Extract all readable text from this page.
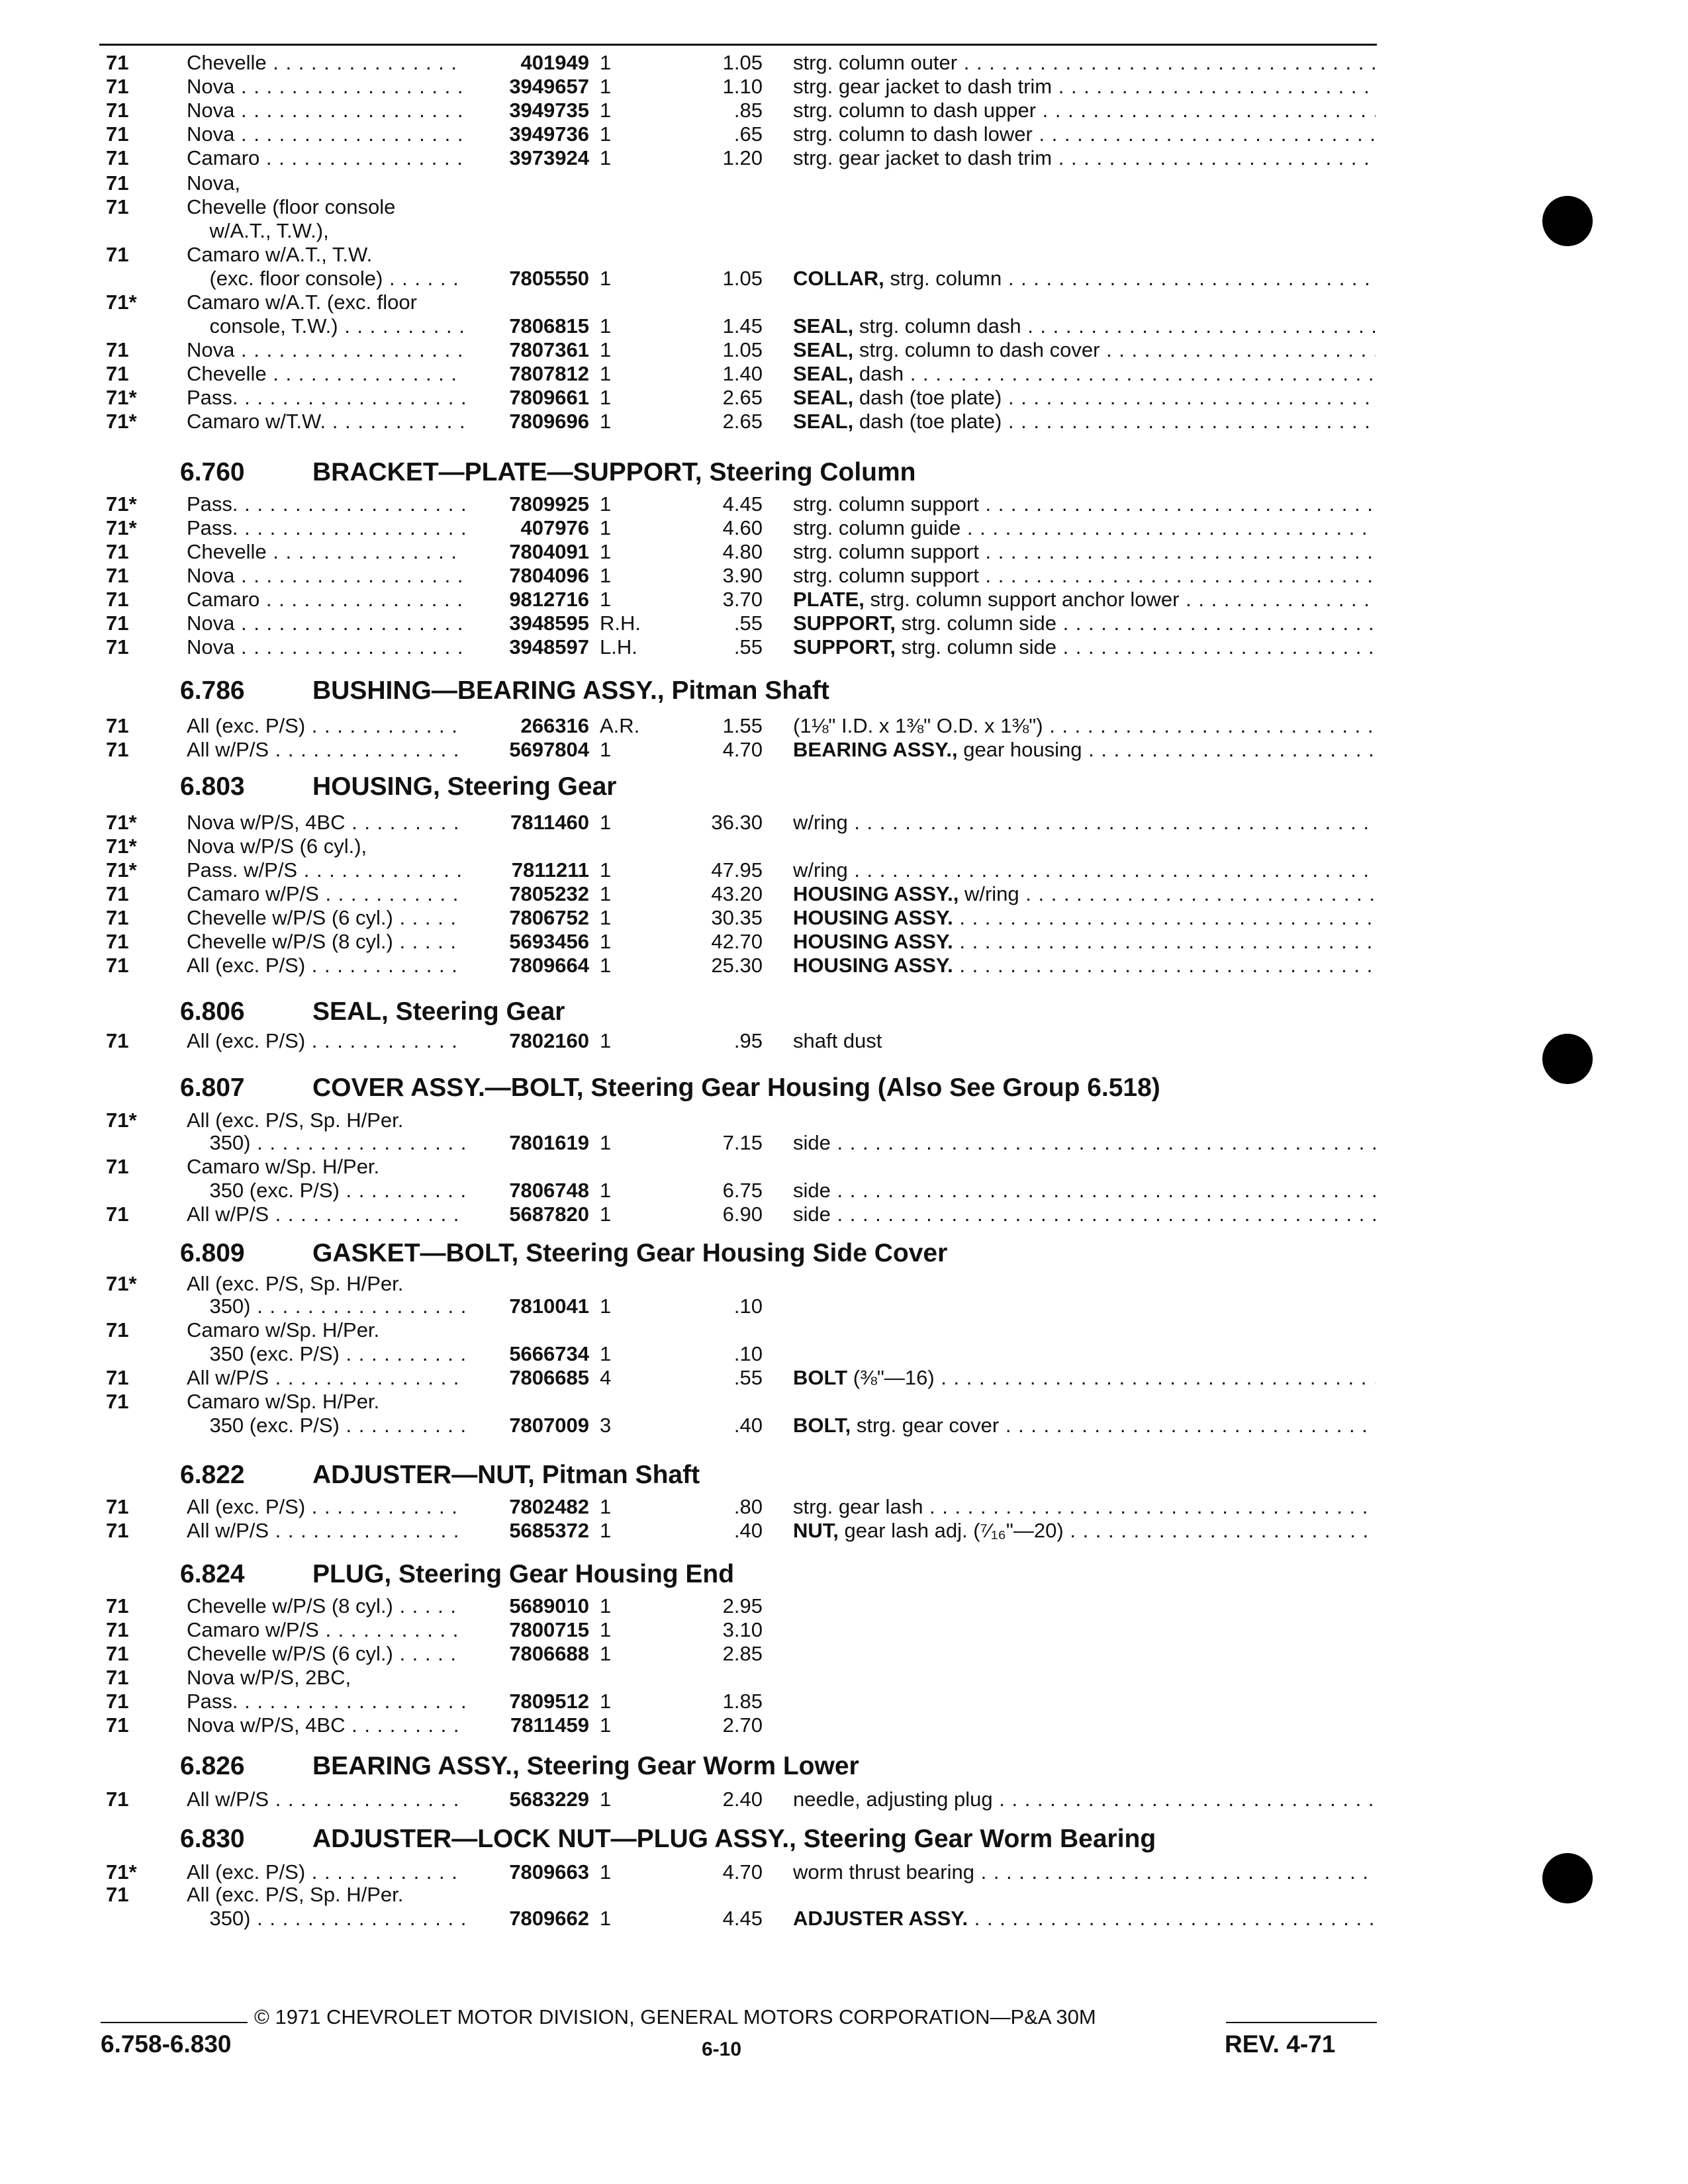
71	Chevelle . . .	401949 1	1.05 strg. column outer . . .
71	Nova . . .	3949657 1	1.10 strg. gear jacket to dash trim . . .
71	Nova . . .	3949735 1	.85 strg. column to dash upper . . .
71	Nova . . .	3949736 1	.65 strg. column to dash lower . . .
71	Camaro . . .	3973924 1	1.20 strg. gear jacket to dash trim . . .
71	Nova,
71	Chevelle (floor console
w/A.T., T.W.),
71	Camaro w/A.T., T.W.
(exc. floor console) . . .	7805550 1	1.05 COLLAR, strg. column . . .
71* Camaro w/A.T. (exc. floor
console, T.W.) . . .	7806815 1	1.45 SEAL, strg. column dash . . .
71	Nova . . .	7807361 1	1.05 SEAL, strg. column to dash cover . . .
71	Chevelle . . .	7807812 1	1.40 SEAL, dash . . .
71* Pass. . . .	7809661 1	2.65 SEAL, dash (toe plate) . . .
71* Camaro w/T.W. . . .	7809696 1	2.65 SEAL, dash (toe plate) . . .
6.760	BRACKET—PLATE—SUPPORT, Steering Column
71* Pass. . . .	7809925 1	4.45 strg. column support . . .
71* Pass. . . .	407976 1	4.60 strg. column guide . . .
71	Chevelle . . .	7804091 1	4.80 strg. column support . . .
71	Nova . . .	7804096 1	3.90 strg. column support . . .
71	Camaro . . .	9812716 1	3.70 PLATE, strg. column support anchor lower . . .
71	Nova . . .	3948595 R.H.	.55 SUPPORT, strg. column side . . .
71	Nova . . .	3948597 L.H.	.55 SUPPORT, strg. column side . . .
6.786	BUSHING—BEARING ASSY., Pitman Shaft
71	All (exc. P/S) . . .	266316 A.R.	1.55 (1⅛" I.D. x 1⅜" O.D. x 1⅜") . . .
71	All w/P/S . . .	5697804 1	4.70 BEARING ASSY., gear housing . . .
6.803	HOUSING, Steering Gear
71* Nova w/P/S, 4BC . . .	7811460 1	36.30 w/ring . . .
71* Nova w/P/S (6 cyl.),
71* Pass. w/P/S . . .	7811211 1	47.95 w/ring . . .
71	Camaro w/P/S . . .	7805232 1	43.20 HOUSING ASSY., w/ring . . .
71	Chevelle w/P/S (6 cyl.) . . .	7806752 1	30.35 HOUSING ASSY. . . .
71	Chevelle w/P/S (8 cyl.) . . .	5693456 1	42.70 HOUSING ASSY. . . .
71	All (exc. P/S) . . .	7809664 1	25.30 HOUSING ASSY. . . .
6.806	SEAL, Steering Gear
71	All (exc. P/S) . . .	7802160 1	.95 shaft dust
6.807	COVER ASSY.—BOLT, Steering Gear Housing (Also See Group 6.518)
71* All (exc. P/S, Sp. H/Per.
350) . . .	7801619 1	7.15 side . . .
71	Camaro w/Sp. H/Per.
350 (exc. P/S) . . .	7806748 1	6.75 side . . .
71	All w/P/S . . .	5687820 1	6.90 side . . .
6.809	GASKET—BOLT, Steering Gear Housing Side Cover
71* All (exc. P/S, Sp. H/Per.
350) . . .	7810041 1	.10
71	Camaro w/Sp. H/Per.
350 (exc. P/S) . . .	5666734 1	.10
71	All w/P/S . . .	7806685 4	.55 BOLT (⅜"—16) . . .
71	Camaro w/Sp. H/Per.
350 (exc. P/S) . . .	7807009 3	.40 BOLT, strg. gear cover . . .
6.822	ADJUSTER—NUT, Pitman Shaft
71	All (exc. P/S) . . .	7802482 1	.80 strg. gear lash . . .
71	All w/P/S . . .	5685372 1	.40 NUT, gear lash adj. (⁷⁄₁₆"—20) . . .
6.824	PLUG, Steering Gear Housing End
71	Chevelle w/P/S (8 cyl.) . . .	5689010 1	2.95
71	Camaro w/P/S . . .	7800715 1	3.10
71	Chevelle w/P/S (6 cyl.) . . .	7806688 1	2.85
71	Nova w/P/S, 2BC,
71	Pass. . . .	7809512 1	1.85
71	Nova w/P/S, 4BC . . .	7811459 1	2.70
6.826	BEARING ASSY., Steering Gear Worm Lower
71	All w/P/S . . .	5683229 1	2.40 needle, adjusting plug . . .
6.830	ADJUSTER—LOCK NUT—PLUG ASSY., Steering Gear Worm Bearing
71* All (exc. P/S) . . .	7809663 1	4.70 worm thrust bearing . . .
71	All (exc. P/S, Sp. H/Per.
350) . . .	7809662 1	4.45 ADJUSTER ASSY. . . .
© 1971 CHEVROLET MOTOR DIVISION, GENERAL MOTORS CORPORATION—P&A 30M
6.758-6.830	6-10	REV. 4-71
